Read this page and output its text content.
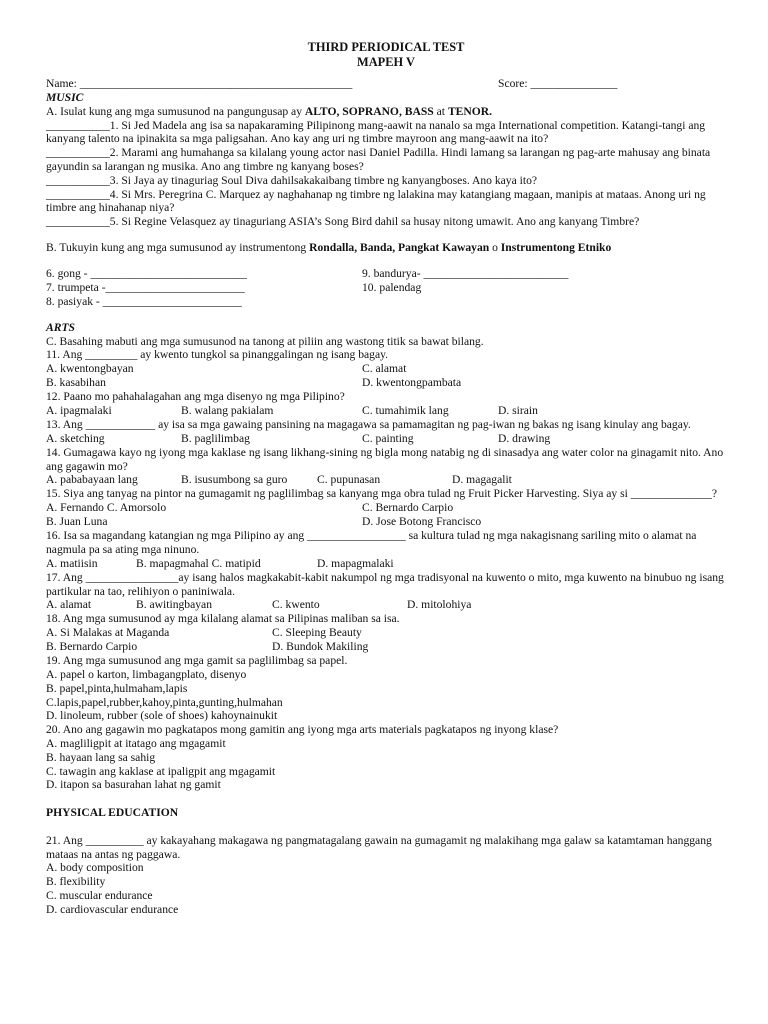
THIRD PERIODICAL TEST
MAPEH V
Name: _______________________________________________	Score: _______________
MUSIC

A. Isulat kung ang mga sumusunod na pangungusap ay ALTO, SOPRANO, BASS at TENOR.

___________1. Si Jed Madela ang isa sa napakaraming Pilipinong mang-aawit na nanalo sa mga International competition. Katangi-tangi ang kanyang talento na ipinakita sa mga paligsahan. Ano kay ang uri ng timbre mayroon ang mang-aawit na ito?

___________2. Marami ang humahanga sa kilalang young actor nasi Daniel Padilla. Hindi lamang sa larangan ng pag-arte mahusay ang binata gayundin sa larangan ng musika. Ano ang timbre ng kanyang boses?

___________3. Si Jaya ay tinaguriag Soul Diva dahilsakakaibang timbre ng kanyangboses. Ano kaya ito?

___________4. Si Mrs. Peregrina C. Marquez ay naghahanap ng timbre ng lalakina may katangiang magaan, manipis at mataas. Anong uri ng timbre ang hinahanap niya?

___________5. Si Regine Velasquez ay tinaguriang ASIA’s Song Bird dahil sa husay nitong umawit. Ano ang kanyang Timbre?

B. Tukuyin kung ang mga sumusunod ay instrumentong Rondalla, Banda, Pangkat Kawayan o Instrumentong Etniko

6. gong - ___________________________	9. bandurya- _________________________
7. trumpeta -________________________	10. palendag
8. pasiyak - ________________________
ARTS

C. Basahing mabuti ang mga sumusunod na tanong at piliin ang wastong titik sa bawat bilang.

11. Ang _________ ay kwento tungkol sa pinanggalingan ng isang bagay.

A. kwentongbayan	C. alamat
B. kasabihan	D. kwentongpambata

12. Paano mo pahahalagahan ang mga disenyo ng mga Pilipino?

A. ipagmalaki	B. walang pakialam	C. tumahimik lang	D. sirain

13. Ang ____________ ay isa sa mga gawaing pansining na magagawa sa pamamagitan ng pag-iwan ng bakas ng isang kinulay ang bagay.

A. sketching	B. paglilimbag	C. painting	D. drawing

14. Gumagawa kayo ng iyong mga kaklase ng isang likhang-sining ng bigla mong natabig ng di sinasadya ang water color na ginagamit nito. Ano ang gagawin mo?

A. pababayaan lang	B. isusumbong sa guro	C. pupunasan	D. magagalit

15. Siya ang tanyag na pintor na gumagamit ng paglilimbag sa kanyang mga obra tulad ng Fruit Picker Harvesting. Siya ay si ______________?

A. Fernando C. Amorsolo	C. Bernardo Carpio
B. Juan Luna	D. Jose Botong Francisco

16. Isa sa magandang katangian ng mga Pilipino ay ang _________________ sa kultura tulad ng mga nakagisnang sariling mito o alamat na nagmula pa sa ating mga ninuno.

A. matiisin	B. mapagmahal C. matipid	D. mapagmalaki

17. Ang ________________ay isang halos magkakabit-kabit nakumpol ng mga tradisyonal na kuwento o mito, mga kuwento na binubuo ng isang partikular na tao, relihiyon o paniniwala.

A. alamat	B. awitingbayan	C. kwento	D. mitolohiya

18. Ang mga sumusunod ay mga kilalang alamat sa Pilipinas maliban sa isa.

A. Si Malakas at Maganda	C. Sleeping Beauty
B. Bernardo Carpio	D. Bundok Makiling

19. Ang mga sumusunod ang mga gamit sa paglilimbag sa papel.

A. papel o karton, limbagangplato, disenyo

B. papel,pinta,hulmaham,lapis

C.lapis,papel,rubber,kahoy,pinta,gunting,hulmahan

D. linoleum, rubber (sole of shoes) kahoynainukit

20. Ano ang gagawin mo pagkatapos mong gamitin ang iyong mga arts materials pagkatapos ng inyong klase?

A. magliligpit at itatago ang mgagamit

B. hayaan lang sa sahig

C. tawagin ang kaklase at ipaligpit ang mgagamit

D. itapon sa basurahan lahat ng gamit

PHYSICAL EDUCATION

21. Ang __________ ay kakayahang makagawa ng pangmatagalang gawain na gumagamit ng malakihang mga galaw sa katamtaman hanggang mataas na antas ng paggawa.

A. body composition

B. flexibility

C. muscular endurance

D. cardiovascular endurance
